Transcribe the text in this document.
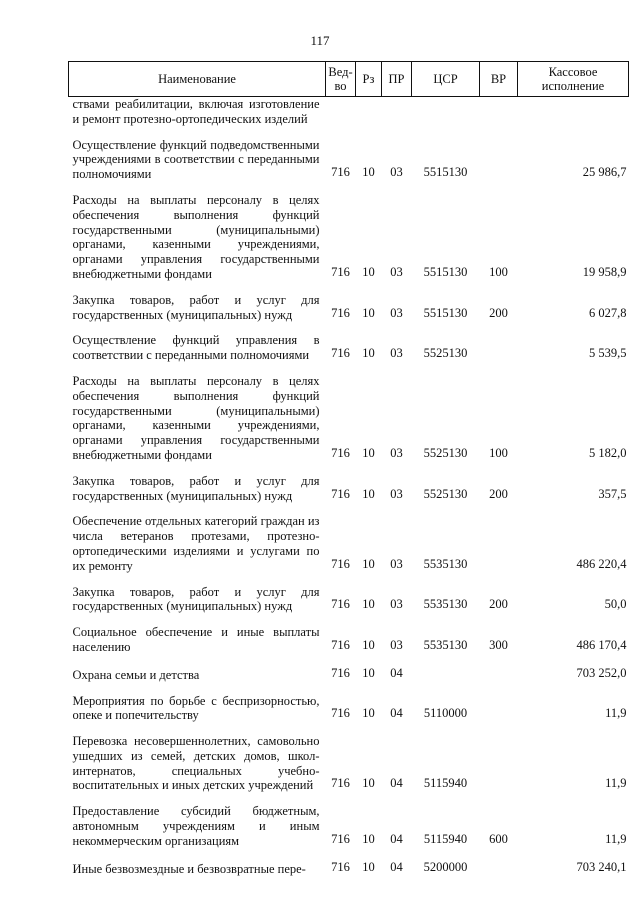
117
Наименование	Вед-во	Рз	ПР	ЦСР	ВР	Кассовое исполнение
ствами реабилитации, включая изготовление и ремонт протезно-ортопедических изделий						
Осуществление функций подведомственными учреждениями в соответствии с переданными полномочиями	716	10	03	5515130		25 986,7
Расходы на выплаты персоналу в целях обеспечения выполнения функций государственными (муниципальными) органами, казенными учреждениями, органами управления государственными внебюджетными фондами	716	10	03	5515130	100	19 958,9
Закупка товаров, работ и услуг для государственных (муниципальных) нужд	716	10	03	5515130	200	6 027,8
Осуществление функций управления в соответствии с переданными полномочиями	716	10	03	5525130		5 539,5
Расходы на выплаты персоналу в целях обеспечения выполнения функций государственными (муниципальными) органами, казенными учреждениями, органами управления государственными внебюджетными фондами	716	10	03	5525130	100	5 182,0
Закупка товаров, работ и услуг для государственных (муниципальных) нужд	716	10	03	5525130	200	357,5
Обеспечение отдельных категорий граждан из числа ветеранов протезами, протезно-ортопедическими изделиями и услугами по их ремонту	716	10	03	5535130		486 220,4
Закупка товаров, работ и услуг для государственных (муниципальных) нужд	716	10	03	5535130	200	50,0
Социальное обеспечение и иные выплаты населению	716	10	03	5535130	300	486 170,4
Охрана семьи и детства	716	10	04			703 252,0
Мероприятия по борьбе с беспризорностью, опеке и попечительству	716	10	04	5110000		11,9
Перевозка несовершеннолетних, самовольно ушедших из семей, детских домов, школ-интернатов, специальных учебно-воспитательных и иных детских учреждений	716	10	04	5115940		11,9
Предоставление субсидий бюджетным, автономным учреждениям и иным некоммерческим организациям	716	10	04	5115940	600	11,9
Иные безвозмездные и безвозвратные пере-	716	10	04	5200000		703 240,1
